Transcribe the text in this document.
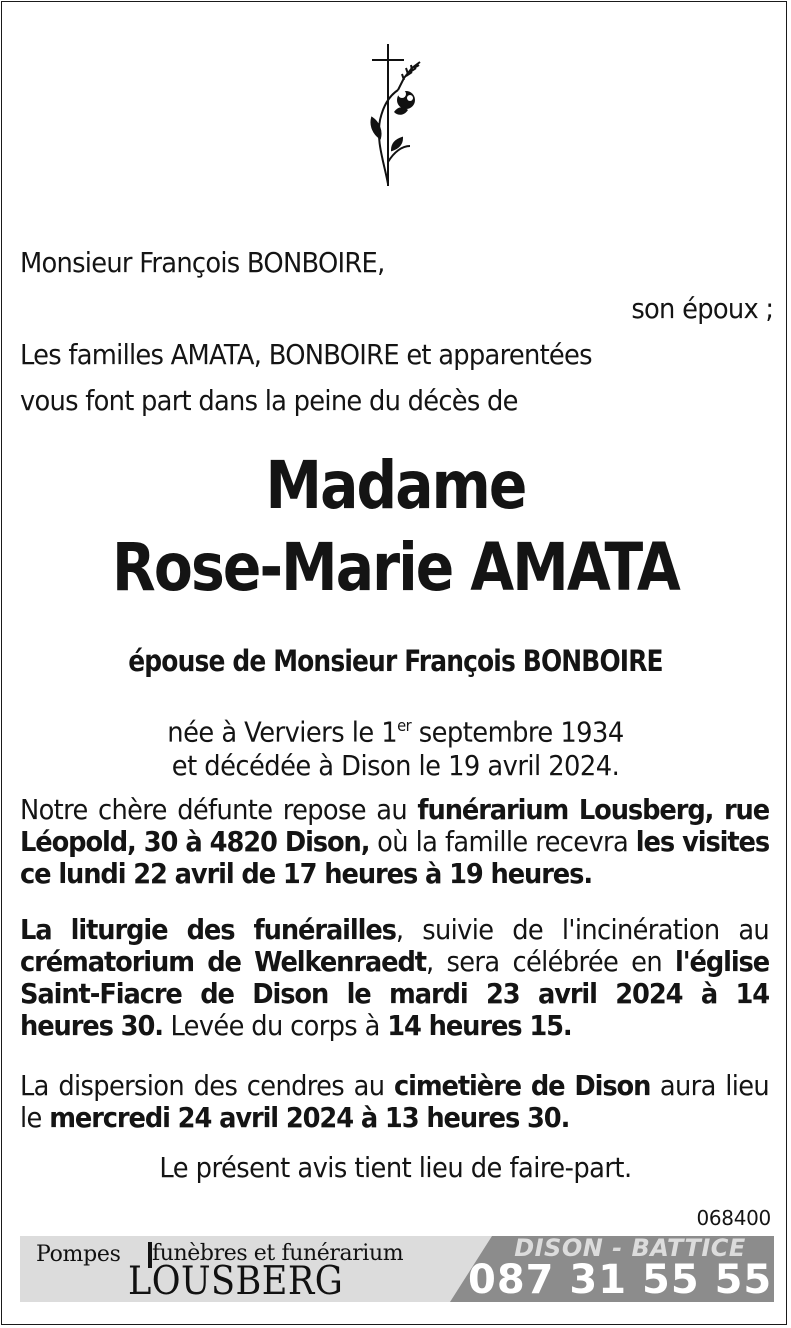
Monsieur François BONBOIRE,
son époux ;
Les familles AMATA, BONBOIRE et apparentées
vous font part dans la peine du décès de
Madame
Rose-Marie AMATA
épouse de Monsieur François BONBOIRE
née à Verviers le 1er septembre 1934
et décédée à Dison le 19 avril 2024.
Notre chère défunte repose au funérarium Lousberg, rue Léopold, 30 à 4820 Dison, où la famille recevra les visites ce lundi 22 avril de 17 heures à 19 heures.
La liturgie des funérailles, suivie de l'incinération au crématorium de Welkenraedt, sera célébrée en l'église Saint-Fiacre de Dison le mardi 23 avril 2024 à 14 heures 30. Levée du corps à 14 heures 15.
La dispersion des cendres au cimetière de Dison aura lieu le mercredi 24 avril 2024 à 13 heures 30.
Le présent avis tient lieu de faire-part.
068400
Pompes funèbres et funérarium
LOUSBERG
DISON - BATTICE
087 31 55 55
